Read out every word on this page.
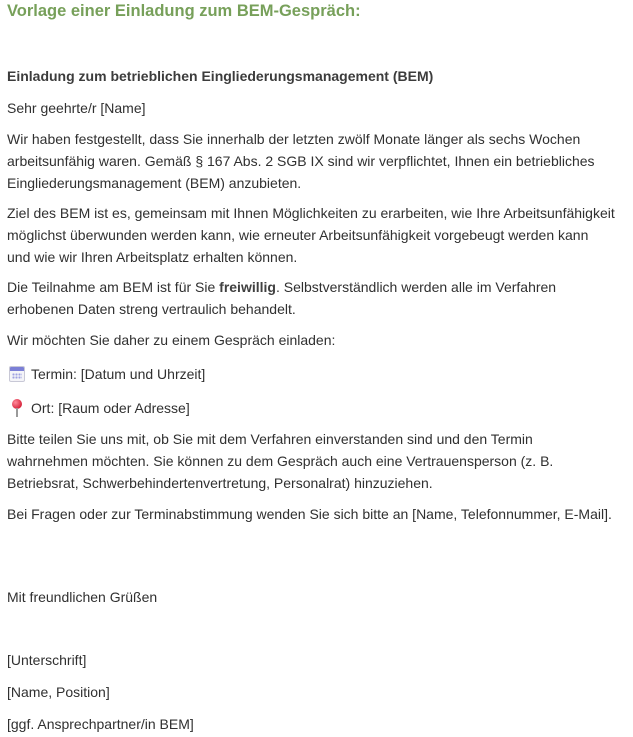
Vorlage einer Einladung zum BEM-Gespräch:

Einladung zum betrieblichen Eingliederungsmanagement (BEM)

Sehr geehrte/r [Name]

Wir haben festgestellt, dass Sie innerhalb der letzten zwölf Monate länger als sechs Wochen arbeitsunfähig waren. Gemäß § 167 Abs. 2 SGB IX sind wir verpflichtet, Ihnen ein betriebliches Eingliederungsmanagement (BEM) anzubieten.

Ziel des BEM ist es, gemeinsam mit Ihnen Möglichkeiten zu erarbeiten, wie Ihre Arbeitsunfähigkeit möglichst überwunden werden kann, wie erneuter Arbeitsunfähigkeit vorgebeugt werden kann und wie wir Ihren Arbeitsplatz erhalten können.

Die Teilnahme am BEM ist für Sie freiwillig. Selbstverständlich werden alle im Verfahren erhobenen Daten streng vertraulich behandelt.

Wir möchten Sie daher zu einem Gespräch einladen:

Termin: [Datum und Uhrzeit]
Ort: [Raum oder Adresse]

Bitte teilen Sie uns mit, ob Sie mit dem Verfahren einverstanden sind und den Termin wahrnehmen möchten. Sie können zu dem Gespräch auch eine Vertrauensperson (z. B. Betriebsrat, Schwerbehindertenvertretung, Personalrat) hinzuziehen.

Bei Fragen oder zur Terminabstimmung wenden Sie sich bitte an [Name, Telefonnummer, E-Mail].

Mit freundlichen Grüßen

[Unterschrift]

[Name, Position]

[ggf. Ansprechpartner/in BEM]
